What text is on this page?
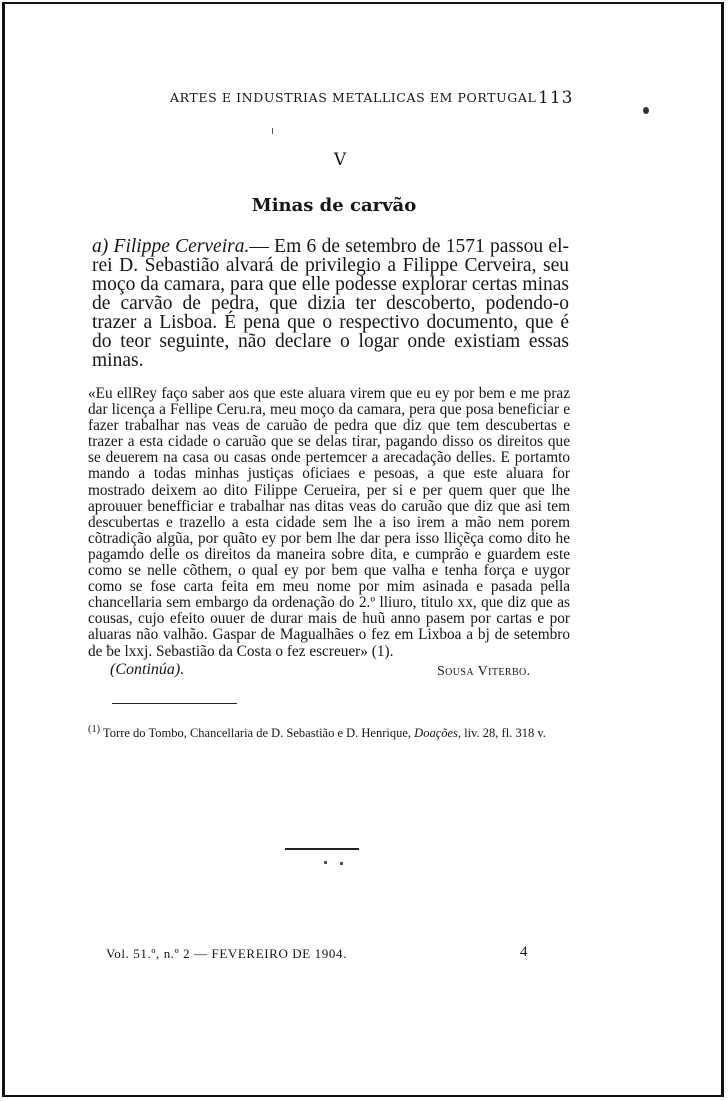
ARTES E INDUSTRIAS METALLICAS EM PORTUGAL 113
V
Minas de carvão
a) Filippe Cerveira.— Em 6 de setembro de 1571 passou el-rei D. Sebastião alvará de privilegio a Filippe Cerveira, seu moço da camara, para que elle podesse explorar certas minas de carvão de pedra, que dizia ter descoberto, podendo-o trazer a Lisboa. É pena que o respectivo documento, que é do teor seguinte, não declare o logar onde existiam essas minas.
«Eu ellRey faço saber aos que este aluara virem que eu ey por bem e me praz dar licença a Fellipe Ceru.ra, meu moço da camara, pera que posa beneficiar e fazer trabalhar nas veas de caruão de pedra que diz que tem descubertas e trazer a esta cidade o caruão que se delas tirar, pagando disso os direitos que se deuerem na casa ou casas onde pertemcer a arecadação delles. E portamto mando a todas minhas justiças oficiaes e pesoas, a que este aluara for mostrado deixem ao dito Filippe Cerueira, per si e per quem quer que lhe aprouuer benefficiar e trabalhar nas ditas veas do caruão que diz que asi tem descubertas e trazello a esta cidade sem lhe a iso irem a mão nem porem cõtradição algũa, por quãto ey por bem lhe dar pera isso lliçẽça como dito he pagamdo delle os direitos da maneira sobre dita, e cumprão e guardem este como se nelle cõthem, o qual ey por bem que valha e tenha força e uygor como se fose carta feita em meu nome por mim asinada e pasada pella chancellaria sem embargo da ordenação do 2.º lliuro, titulo xx, que diz que as cousas, cujo efeito ouuer de durar mais de huũ anno pasem por cartas e por aluaras não valhão. Gaspar de Magualhães o fez em Lixboa a bj de setembro de ƀe lxxj. Sebastião da Costa o fez escreuer» (1).
(Continúa).	Sousa Viterbo.
$^{(1)}$ Torre do Tombo, Chancellaria de D. Sebastião e D. Henrique, Doações, liv. 28, fl. 318 v.
Vol. 51.º, n.º 2 — FEVEREIRO DE 1904.	4
